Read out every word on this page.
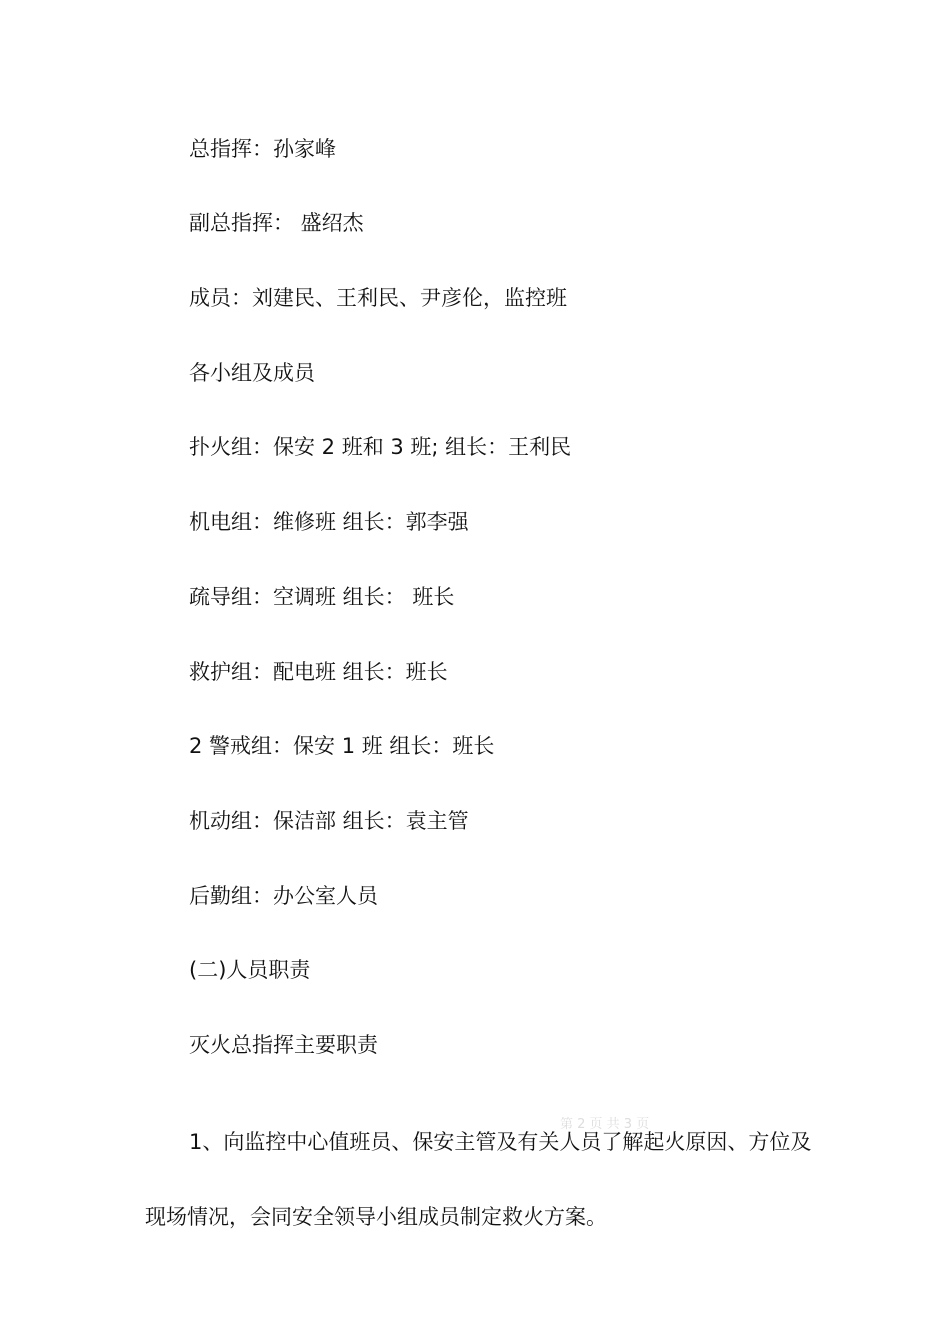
总指挥：孙家峰
副总指挥： 盛绍杰
成员：刘建民、王利民、尹彦伦，监控班
各小组及成员
扑火组：保安 2 班和 3 班; 组长：王利民
机电组：维修班 组长：郭李强
疏导组：空调班 组长： 班长
救护组：配电班 组长：班长
2 警戒组：保安 1 班 组长：班长
机动组：保洁部 组长：袁主管
后勤组：办公室人员
(二)人员职责
灭火总指挥主要职责

1、向监控中心值班员、保安主管及有关人员了解起火原因、方位及现场情况，会同安全领导小组成员制定救火方案。

第 2 页 共 3 页
